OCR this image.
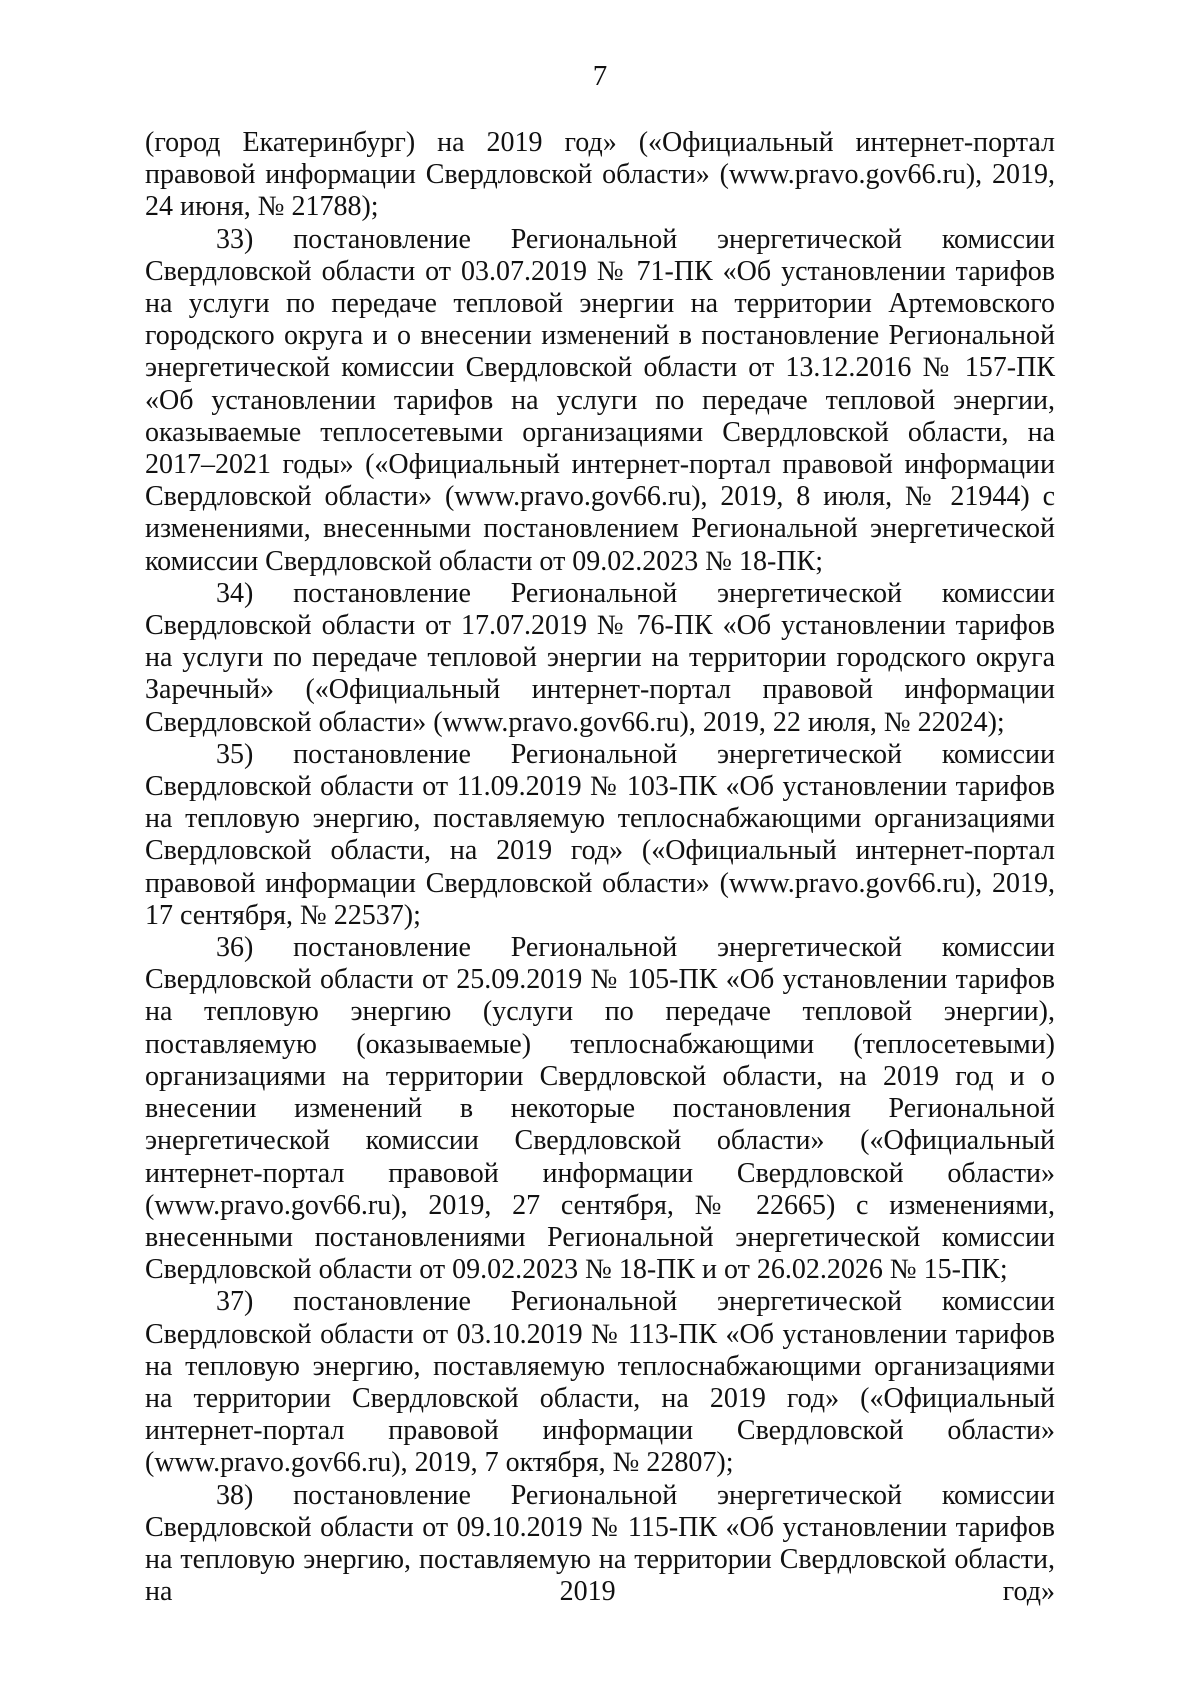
7

(город Екатеринбург) на 2019 год» («Официальный интернет-портал правовой информации Свердловской области» (www.pravo.gov66.ru), 2019, 24 июня, № 21788);

33) постановление Региональной энергетической комиссии Свердловской области от 03.07.2019 № 71-ПК «Об установлении тарифов на услуги по передаче тепловой энергии на территории Артемовского городского округа и о внесении изменений в постановление Региональной энергетической комиссии Свердловской области от 13.12.2016 № 157-ПК «Об установлении тарифов на услуги по передаче тепловой энергии, оказываемые теплосетевыми организациями Свердловской области, на 2017–2021 годы» («Официальный интернет-портал правовой информации Свердловской области» (www.pravo.gov66.ru), 2019, 8 июля, № 21944) с изменениями, внесенными постановлением Региональной энергетической комиссии Свердловской области от 09.02.2023 № 18-ПК;

34) постановление Региональной энергетической комиссии Свердловской области от 17.07.2019 № 76-ПК «Об установлении тарифов на услуги по передаче тепловой энергии на территории городского округа Заречный» («Официальный интернет-портал правовой информации Свердловской области» (www.pravo.gov66.ru), 2019, 22 июля, № 22024);

35) постановление Региональной энергетической комиссии Свердловской области от 11.09.2019 № 103-ПК «Об установлении тарифов на тепловую энергию, поставляемую теплоснабжающими организациями Свердловской области, на 2019 год» («Официальный интернет-портал правовой информации Свердловской области» (www.pravo.gov66.ru), 2019, 17 сентября, № 22537);

36) постановление Региональной энергетической комиссии Свердловской области от 25.09.2019 № 105-ПК «Об установлении тарифов на тепловую энергию (услуги по передаче тепловой энергии), поставляемую (оказываемые) теплоснабжающими (теплосетевыми) организациями на территории Свердловской области, на 2019 год и о внесении изменений в некоторые постановления Региональной энергетической комиссии Свердловской области» («Официальный интернет-портал правовой информации Свердловской области» (www.pravo.gov66.ru), 2019, 27 сентября, № 22665) с изменениями, внесенными постановлениями Региональной энергетической комиссии Свердловской области от 09.02.2023 № 18-ПК и от 26.02.2026 № 15-ПК;

37) постановление Региональной энергетической комиссии Свердловской области от 03.10.2019 № 113-ПК «Об установлении тарифов на тепловую энергию, поставляемую теплоснабжающими организациями на территории Свердловской области, на 2019 год» («Официальный интернет-портал правовой информации Свердловской области» (www.pravo.gov66.ru), 2019, 7 октября, № 22807);

38) постановление Региональной энергетической комиссии Свердловской области от 09.10.2019 № 115-ПК «Об установлении тарифов на тепловую энергию, поставляемую на территории Свердловской области, на 2019 год»
